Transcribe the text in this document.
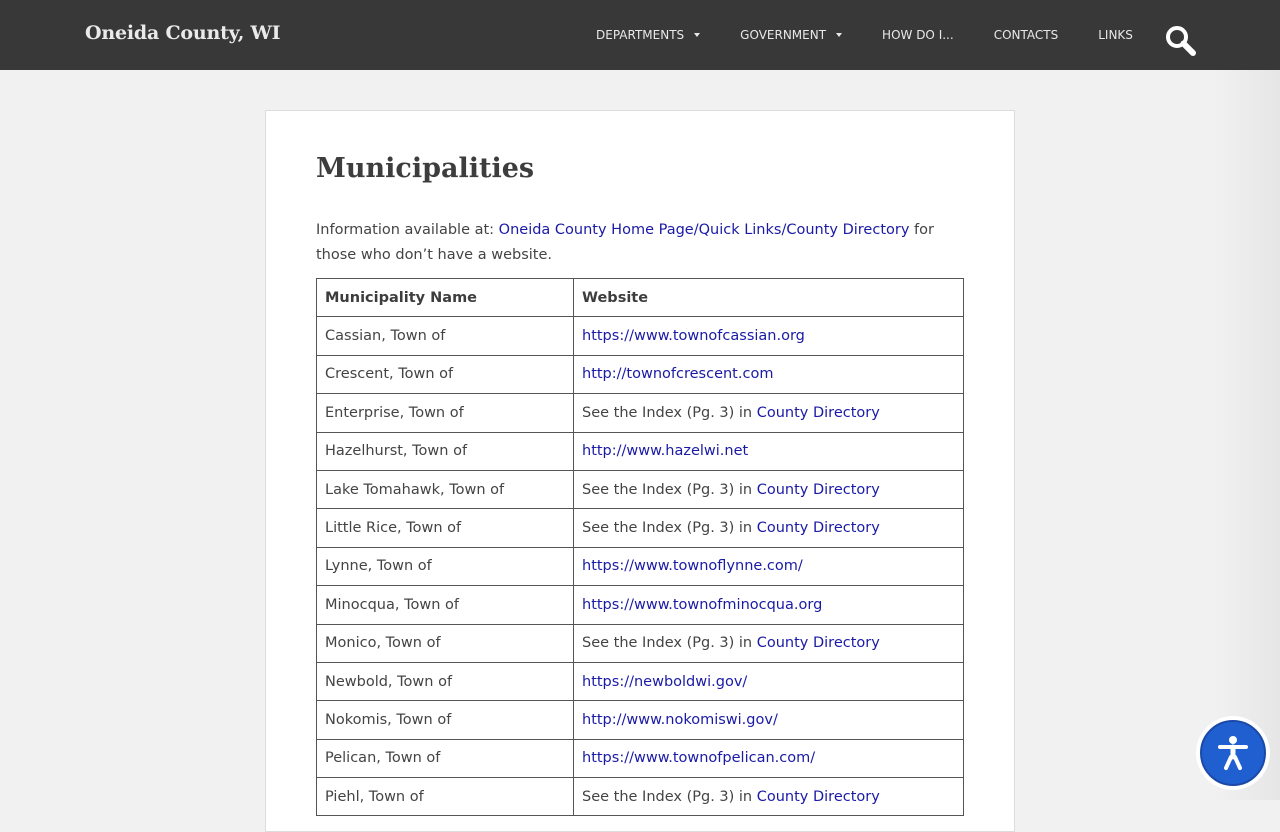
Oneida County, WI	DEPARTMENTS	GOVERNMENT	HOW DO I...	CONTACTS	LINKS
Municipalities
Information available at: Oneida County Home Page/Quick Links/County Directory for those who don’t have a website.
Municipality Name	Website
Cassian, Town of	https://www.townofcassian.org
Crescent, Town of	http://townofcrescent.com
Enterprise, Town of	See the Index (Pg. 3) in County Directory
Hazelhurst, Town of	http://www.hazelwi.net
Lake Tomahawk, Town of	See the Index (Pg. 3) in County Directory
Little Rice, Town of	See the Index (Pg. 3) in County Directory
Lynne, Town of	https://www.townoflynne.com/
Minocqua, Town of	https://www.townofminocqua.org
Monico, Town of	See the Index (Pg. 3) in County Directory
Newbold, Town of	https://newboldwi.gov/
Nokomis, Town of	http://www.nokomiswi.gov/
Pelican, Town of	https://www.townofpelican.com/
Piehl, Town of	See the Index (Pg. 3) in County Directory
